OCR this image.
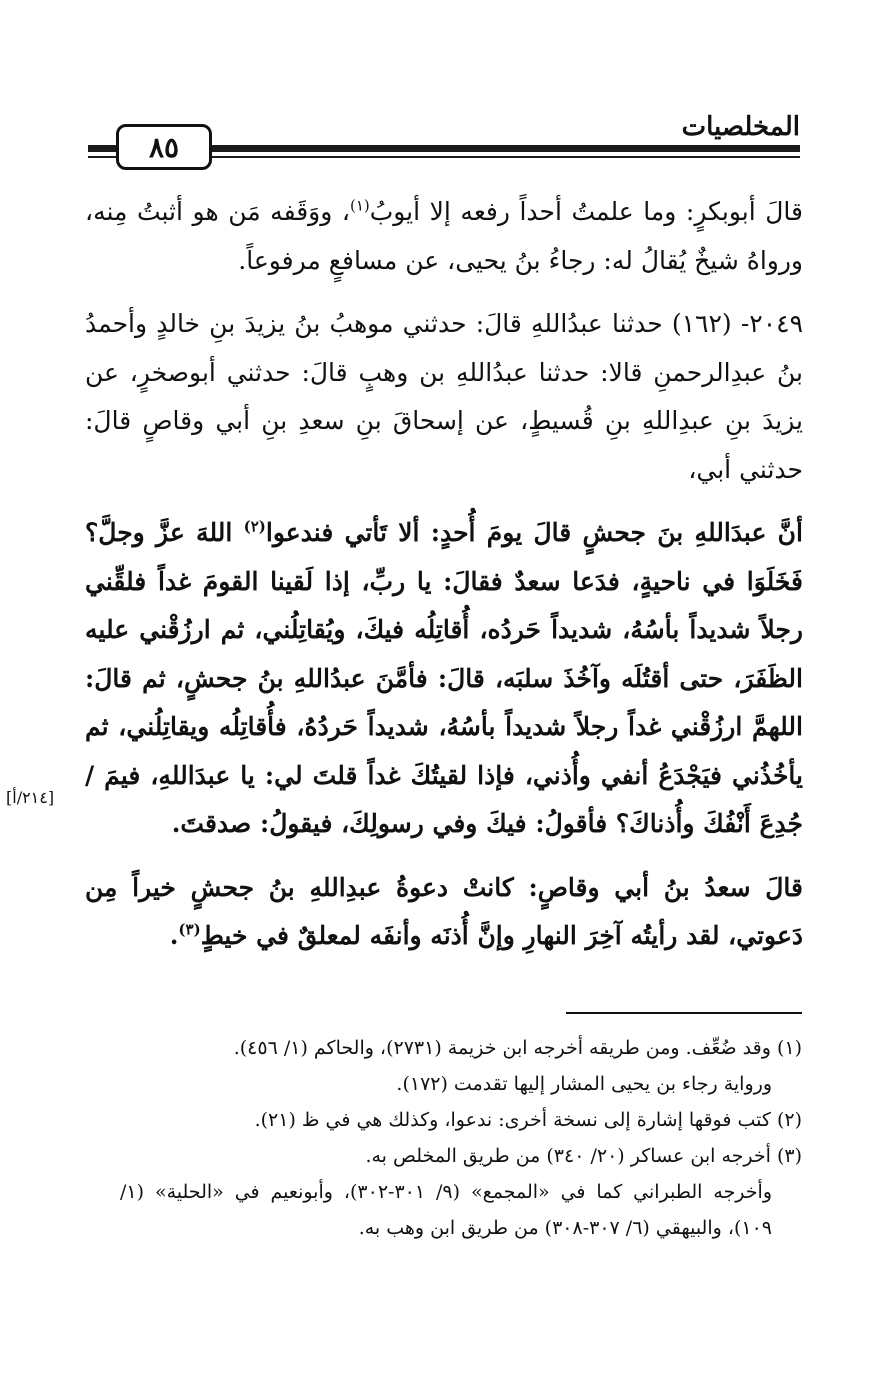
٨٥
المخلصيات

قالَ أبوبكرٍ: وما علمتُ أحداً رفعه إلا أيوبُ$^{(١)}$، ووَقَفه مَن هو أثبتُ مِنه، ورواهُ شيخٌ يُقالُ له: رجاءُ بنُ يحيى، عن مسافعٍ مرفوعاً.

٢٠٤٩- (١٦٢) حدثنا عبدُاللهِ قالَ: حدثني موهبُ بنُ يزيدَ بنِ خالدٍ وأحمدُ بنُ عبدِالرحمنِ قالا: حدثنا عبدُاللهِ بن وهبٍ قالَ: حدثني أبوصخرٍ، عن يزيدَ بنِ عبدِاللهِ بنِ قُسيطٍ، عن إسحاقَ بنِ سعدِ بنِ أبي وقاصٍ قالَ: حدثني أبي،

أنَّ عبدَاللهِ بنَ جحشٍ قالَ يومَ أُحدٍ: ألا تَأتي فندعوا$^{(٢)}$ اللهَ عزَّ وجلَّ؟ فَخَلَوَا في ناحيةٍ، فدَعا سعدٌ فقالَ: يا ربِّ، إذا لَقينا القومَ غداً فلقِّني رجلاً شديداً بأسُهُ، شديداً حَردُه، أُقاتِلُه فيكَ، ويُقاتِلُني، ثم ارزُقْني عليه الظَفَرَ، حتى أقتُلَه وآخُذَ سلبَه، قالَ: فأمَّنَ عبدُاللهِ بنُ جحشٍ، ثم قالَ: اللهمَّ ارزُقْني غداً رجلاً شديداً بأسُهُ، شديداً حَردُهُ، فأُقاتِلُه ويقاتِلُني، ثم يأخُذُني فيَجْدَعُ أنفي وأُذني، فإذا لقيتُكَ غداً قلتَ لي: يا عبدَاللهِ، فيمَ / جُدِعَ أَنْفُكَ وأُذناكَ؟ فأقولُ: فيكَ وفي رسولِكَ، فيقولُ: صدقتَ.

قالَ سعدُ بنُ أبي وقاصٍ: كانتْ دعوةُ عبدِاللهِ بنُ جحشٍ خيراً مِن دَعوتي، لقد رأيتُه آخِرَ النهارِ وإنَّ أُذنَه وأنفَه لمعلقٌ في خيطٍ$^{(٣)}$.

[٢١٤/أ]

(١) وقد ضُعِّف. ومن طريقه أخرجه ابن خزيمة (٢٧٣١)، والحاكم (١/ ٤٥٦).

ورواية رجاء بن يحيى المشار إليها تقدمت (١٧٢).

(٢) كتب فوقها إشارة إلى نسخة أخرى: ندعوا، وكذلك هي في ظ (٢١).

(٣) أخرجه ابن عساكر (٢٠/ ٣٤٠) من طريق المخلص به.

وأخرجه الطبراني كما في «المجمع» (٩/ ٣٠١-٣٠٢)، وأبونعيم في «الحلية» (١/ ١٠٩)، والبيهقي (٦/ ٣٠٧-٣٠٨) من طريق ابن وهب به.
